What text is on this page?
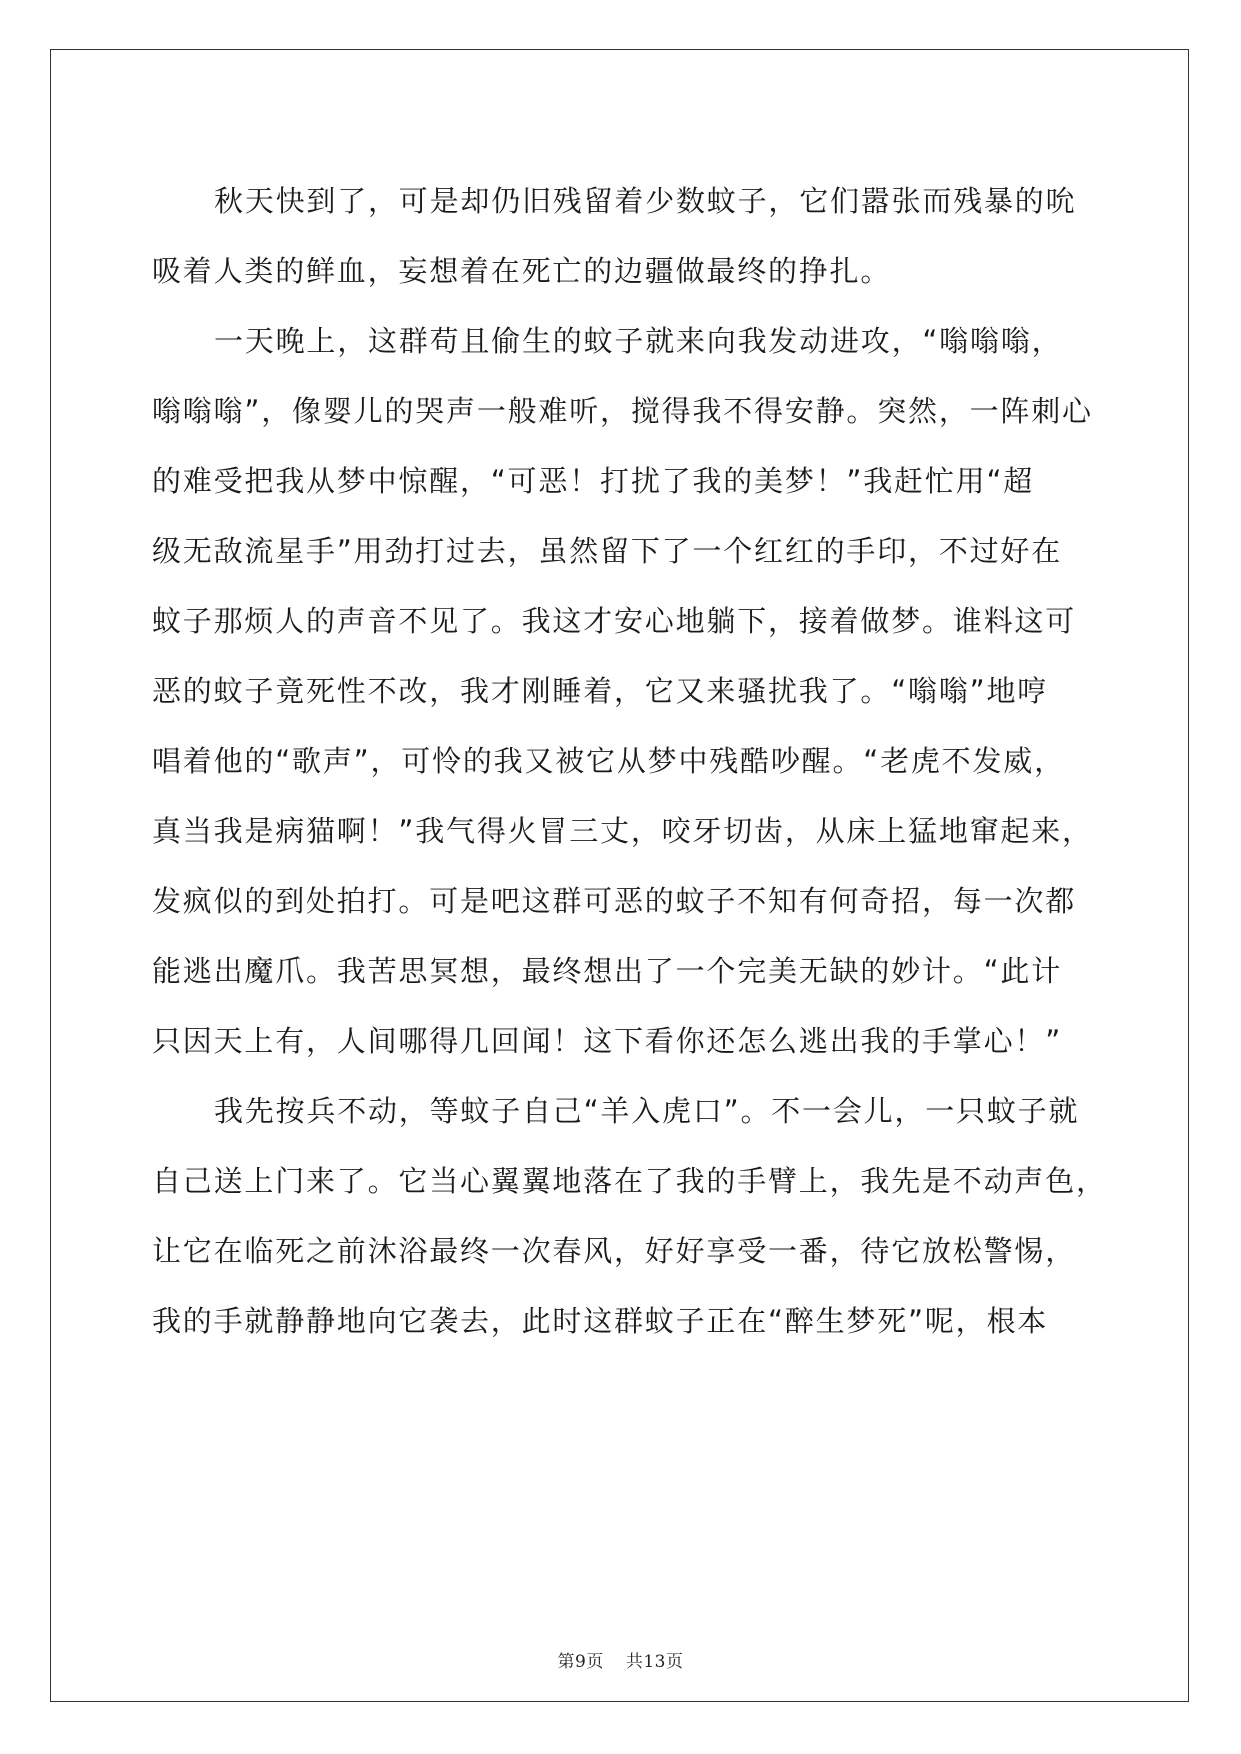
秋天快到了，可是却仍旧残留着少数蚊子，它们嚣张而残暴的吮
吸着人类的鲜血，妄想着在死亡的边疆做最终的挣扎。
一天晚上，这群苟且偷生的蚊子就来向我发动进攻，“嗡嗡嗡，
嗡嗡嗡”，像婴儿的哭声一般难听，搅得我不得安静。突然，一阵刺心
的难受把我从梦中惊醒，“可恶！打扰了我的美梦！”我赶忙用“超
级无敌流星手”用劲打过去，虽然留下了一个红红的手印，不过好在
蚊子那烦人的声音不见了。我这才安心地躺下，接着做梦。谁料这可
恶的蚊子竟死性不改，我才刚睡着，它又来骚扰我了。“嗡嗡”地哼
唱着他的“歌声”，可怜的我又被它从梦中残酷吵醒。“老虎不发威，
真当我是病猫啊！”我气得火冒三丈，咬牙切齿，从床上猛地窜起来，
发疯似的到处拍打。可是吧这群可恶的蚊子不知有何奇招，每一次都
能逃出魔爪。我苦思冥想，最终想出了一个完美无缺的妙计。“此计
只因天上有，人间哪得几回闻！这下看你还怎么逃出我的手掌心！”
我先按兵不动，等蚊子自己“羊入虎口”。不一会儿，一只蚊子就
自己送上门来了。它当心翼翼地落在了我的手臂上，我先是不动声色，
让它在临死之前沐浴最终一次春风，好好享受一番，待它放松警惕，
我的手就静静地向它袭去，此时这群蚊子正在“醉生梦死”呢，根本
第9页 共13页
